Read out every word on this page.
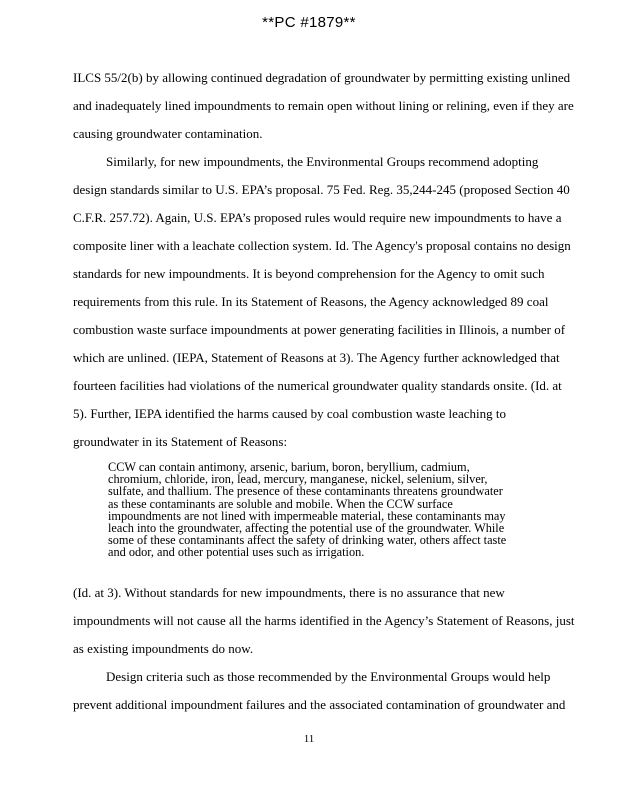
**PC #1879**
ILCS 55/2(b) by allowing continued degradation of groundwater by permitting existing unlined
and inadequately lined impoundments to remain open without lining or relining, even if they are
causing groundwater contamination.
Similarly, for new impoundments, the Environmental Groups recommend adopting
design standards similar to U.S. EPA’s proposal. 75 Fed. Reg. 35,244-245 (proposed Section 40
C.F.R. 257.72). Again, U.S. EPA’s proposed rules would require new impoundments to have a
composite liner with a leachate collection system. Id. The Agency's proposal contains no design
standards for new impoundments. It is beyond comprehension for the Agency to omit such
requirements from this rule. In its Statement of Reasons, the Agency acknowledged 89 coal
combustion waste surface impoundments at power generating facilities in Illinois, a number of
which are unlined. (IEPA, Statement of Reasons at 3). The Agency further acknowledged that
fourteen facilities had violations of the numerical groundwater quality standards onsite. (Id. at
5). Further, IEPA identified the harms caused by coal combustion waste leaching to
groundwater in its Statement of Reasons:
CCW can contain antimony, arsenic, barium, boron, beryllium, cadmium,
chromium, chloride, iron, lead, mercury, manganese, nickel, selenium, silver,
sulfate, and thallium. The presence of these contaminants threatens groundwater
as these contaminants are soluble and mobile. When the CCW surface
impoundments are not lined with impermeable material, these contaminants may
leach into the groundwater, affecting the potential use of the groundwater. While
some of these contaminants affect the safety of drinking water, others affect taste
and odor, and other potential uses such as irrigation.
(Id. at 3). Without standards for new impoundments, there is no assurance that new
impoundments will not cause all the harms identified in the Agency’s Statement of Reasons, just
as existing impoundments do now.
Design criteria such as those recommended by the Environmental Groups would help
prevent additional impoundment failures and the associated contamination of groundwater and
11
